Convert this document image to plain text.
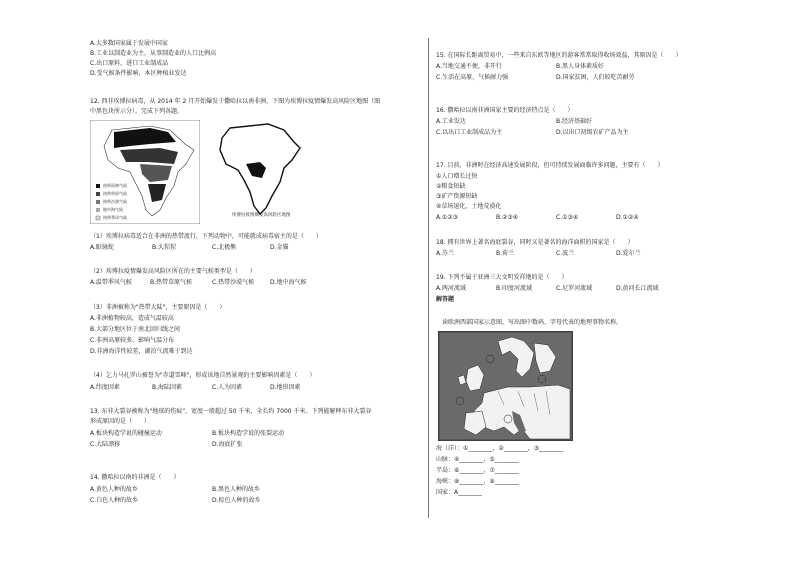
A.大多数国家属于发展中国家
B.工业以制造业为主，从事制造业的人口比例高
C.出口原料，进口工业制成品
D.受气候条件影响，本区种植业发达
12. 西非埃博拉病毒，从 2014 年 2 月开始爆发于撒哈拉以南非洲，下图为埃博拉疫情爆发高风险区地图（图
中黑色块所示分）。完成下列各题。
热带雨林气候
热带草原气候
热带沙漠气候
地中海气候
热带季风气候	埃博拉疫情爆发高风险区地图
（1）埃博拉病毒适合在非洲的热带流行，下列动物中，可能就成病毒宿主的是（　　）
A.眼镜蛇	B.大猩猩	C.北极熊	D.金猫
（2）埃博拉疫情爆发高风险区所在的主要气候类型是（　　）
A.温带季风气候	B.热带草原气候	C.热带沙漠气候	D.地中海气候
（3）非洲被称为"热带大陆"，主要原因是（　　）
A.非洲植物较高，造成气温较高
B.大部分地区位于南北回归线之间
C.非洲高原较多，影响气温分布
D.非洲海洋性较差，湖泊气流难于到达
（4）乞力马扎罗山被誉为"赤道雪峰"，形成该地自然景观的主要影响因素是（　　）
A.纬度因素	B.海陆因素	C.人为因素	D.地形因素
13. 东非大裂谷被称为"地球的伤痕"，宽度一般超过 50 千米，全长约 7000 千米。下列能解释东非大裂谷
形成原因的是（　　）
A.板块构造学说的碰撞运动	B.板块构造学说的张裂运动
C.大陆漂移	D.海底扩张
14. 撒哈拉以南的非洲是（　　）
A.黄色人种的故乡	B.黑色人种的故乡
C.白色人种的故乡	D.棕色人种的故乡
15. 在国际长距离贸易中，一些来自东欧等地区的游客常常取得收场效益，其原因是（　　）
A.当地交通不便，非开行	B.黑人身体素质好
C.生活在高原，气候耐力强	D.国家贫困，人们较吃苦耐劳
16. 撒哈拉以南非洲国家主要的经济特点是（　　）
A.工业发达	B.经济基础好
C.以出口工业制成品为主	D.以出口初级农矿产品为主
17. 目前，非洲时在经济高速发展阶段，但可持续发展面临许多问题，主要有（　　）
①人口增长过快
②粮食短缺
③矿产资源短缺
④草场退化，土地荒漠化
A.①②③	B.②③④	C.①③④	D.①②④
18. 拥有世界上著名海底裂谷，同时又是著名的海洋面积的国家是（　　）
A.芬兰	B.荷兰	C.波兰	D.爱尔兰
19. 下列不属于亚洲三大文明发祥地的是（　　）
A.两河流域	B.印度河流域	C.尼罗河流域	D.黄河长江流域
解答题
读欧洲西部国家示意图，写出图中数码、字母代表的地理事物名称。
海（洋）：①________，②________，③________
山脉：④________，⑤________
半岛：⑥________，⑦________
海峡：⑧________，⑨________
国家：A________
